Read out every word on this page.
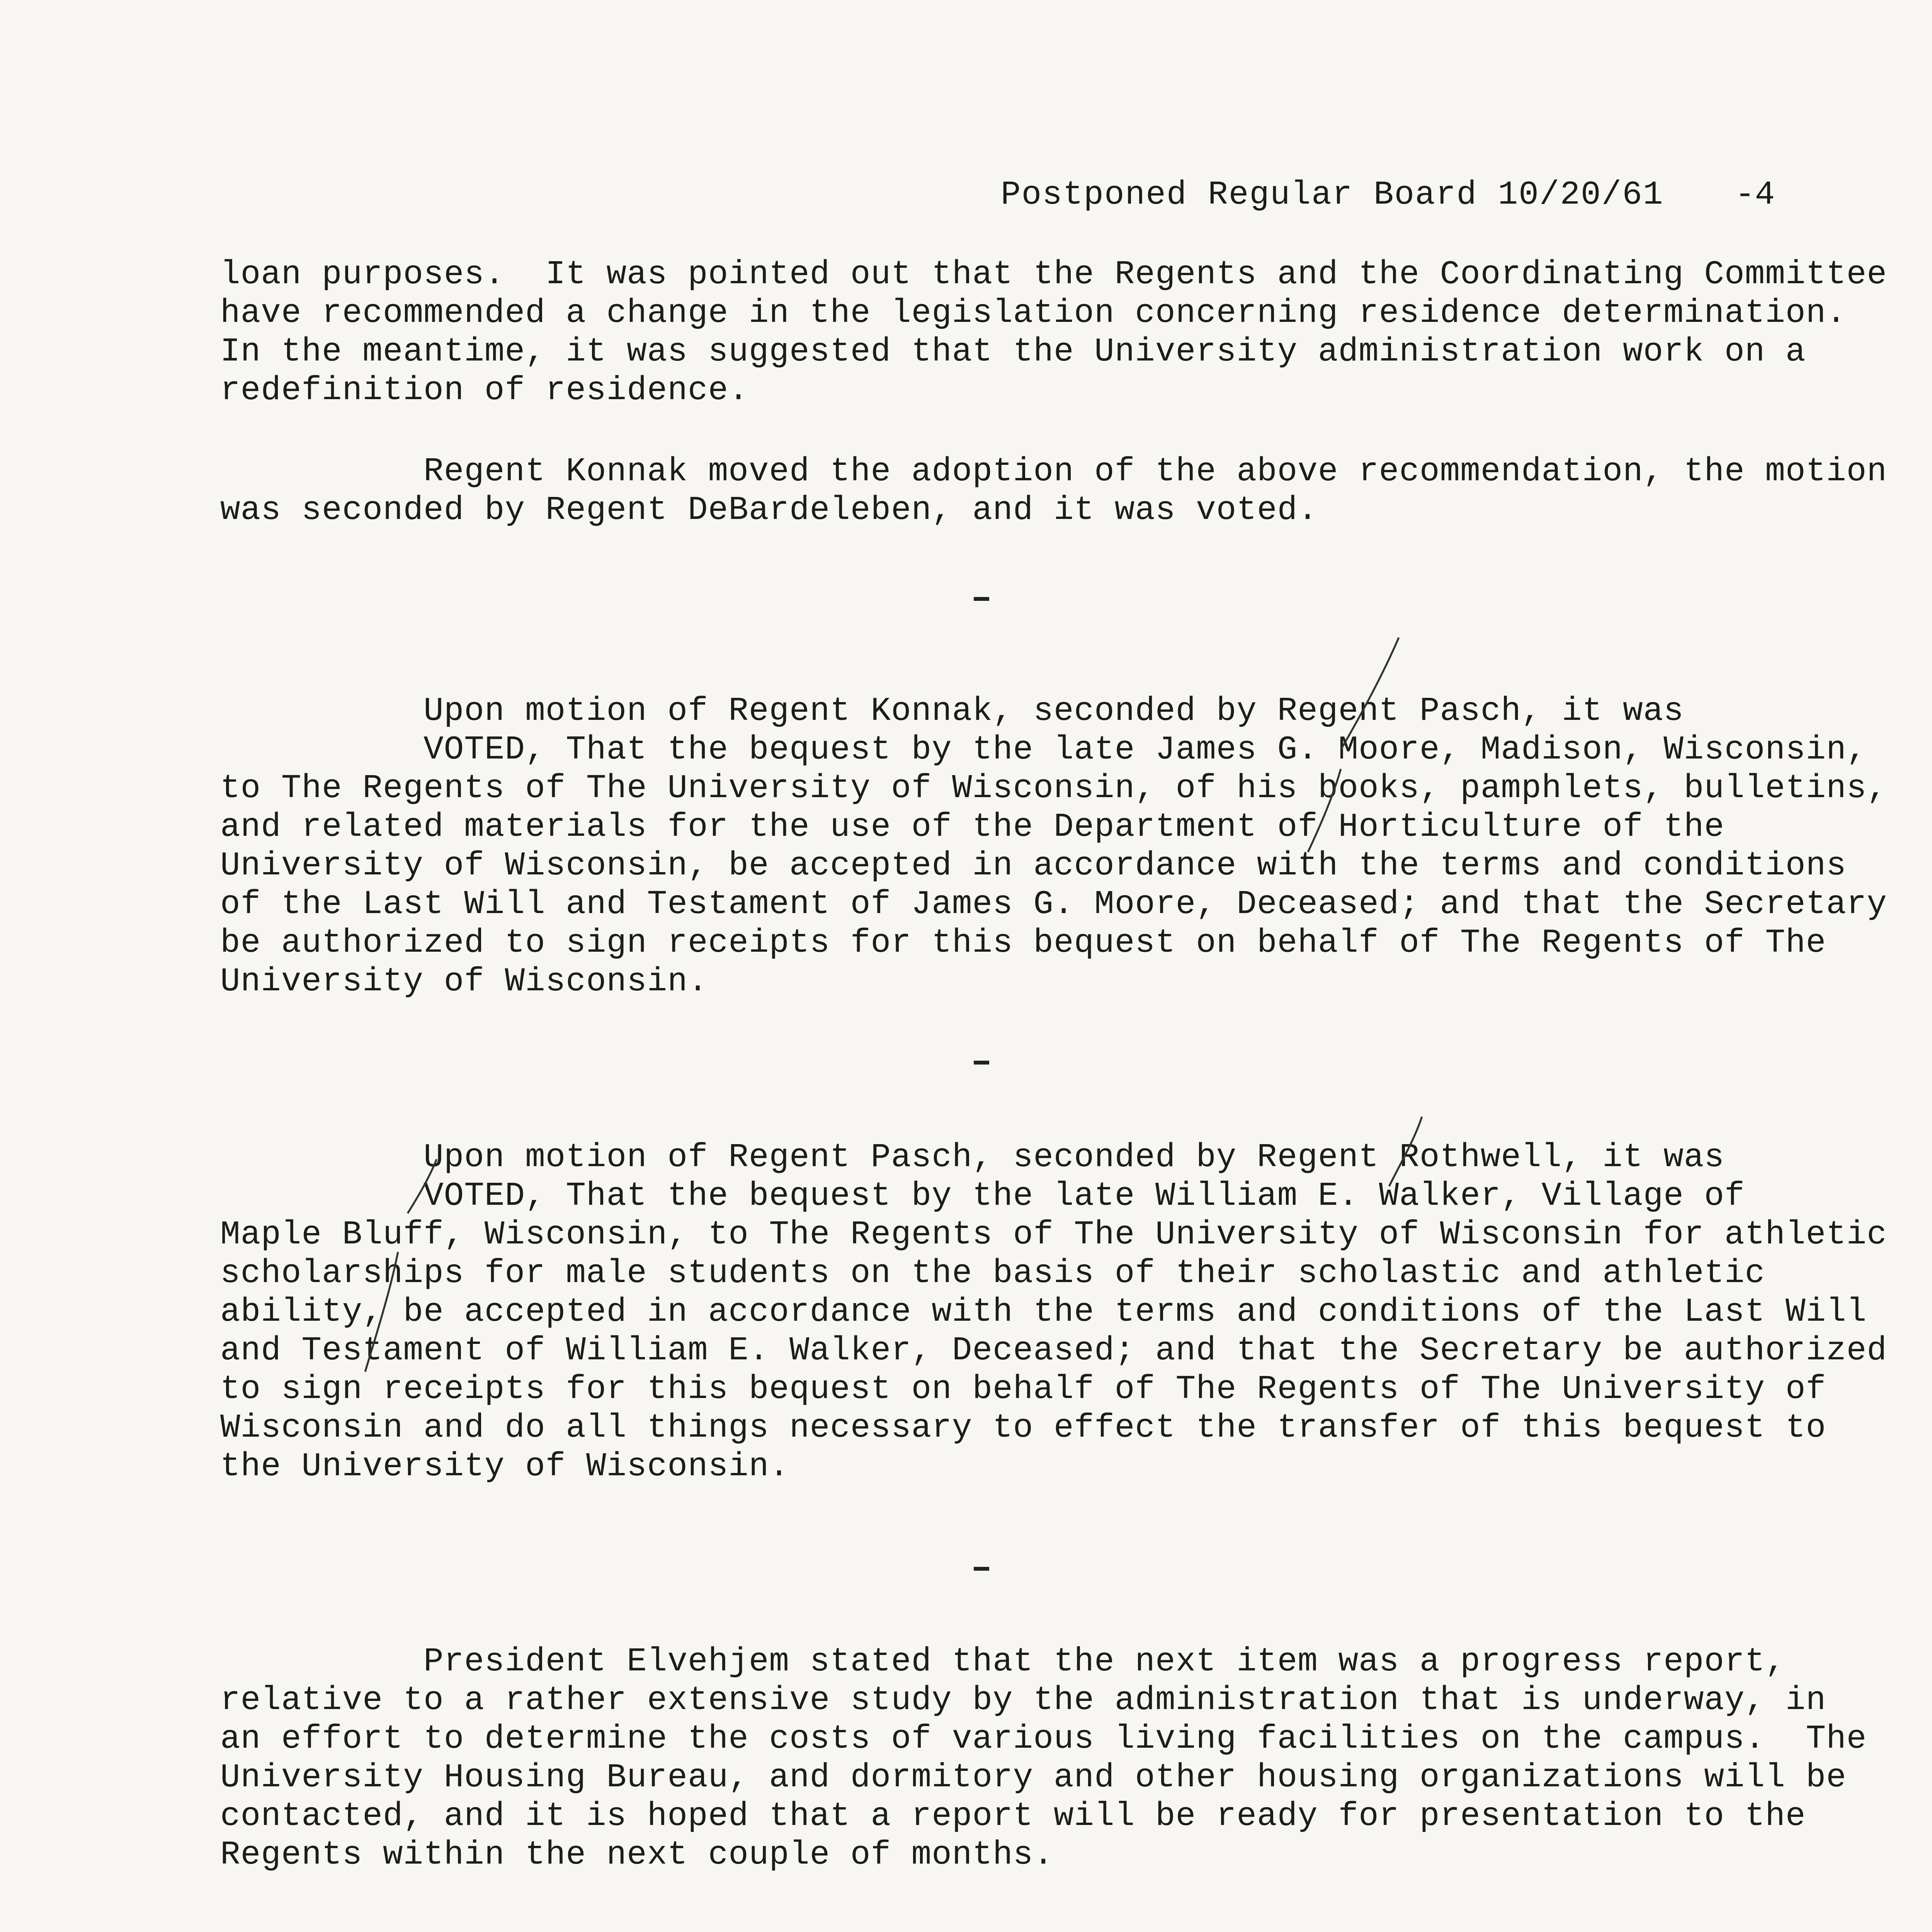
Postponed Regular Board 10/20/61 -4
loan purposes.  It was pointed out that the Regents and the Coordinating Committee
have recommended a change in the legislation concerning residence determination.
In the meantime, it was suggested that the University administration work on a
redefinition of residence.
Regent Konnak moved the adoption of the above recommendation, the motion
was seconded by Regent DeBardeleben, and it was voted.
Upon motion of Regent Konnak, seconded by Regent Pasch, it was
VOTED, That the bequest by the late James G. Moore, Madison, Wisconsin,
to The Regents of The University of Wisconsin, of his books, pamphlets, bulletins,
and related materials for the use of the Department of Horticulture of the
University of Wisconsin, be accepted in accordance with the terms and conditions
of the Last Will and Testament of James G. Moore, Deceased; and that the Secretary
be authorized to sign receipts for this bequest on behalf of The Regents of The
University of Wisconsin.
Upon motion of Regent Pasch, seconded by Regent Rothwell, it was
VOTED, That the bequest by the late William E. Walker, Village of
Maple Bluff, Wisconsin, to The Regents of The University of Wisconsin for athletic
scholarships for male students on the basis of their scholastic and athletic
ability, be accepted in accordance with the terms and conditions of the Last Will
and Testament of William E. Walker, Deceased; and that the Secretary be authorized
to sign receipts for this bequest on behalf of The Regents of The University of
Wisconsin and do all things necessary to effect the transfer of this bequest to
the University of Wisconsin.
President Elvehjem stated that the next item was a progress report,
relative to a rather extensive study by the administration that is underway, in
an effort to determine the costs of various living facilities on the campus.  The
University Housing Bureau, and dormitory and other housing organizations will be
contacted, and it is hoped that a report will be ready for presentation to the
Regents within the next couple of months.
